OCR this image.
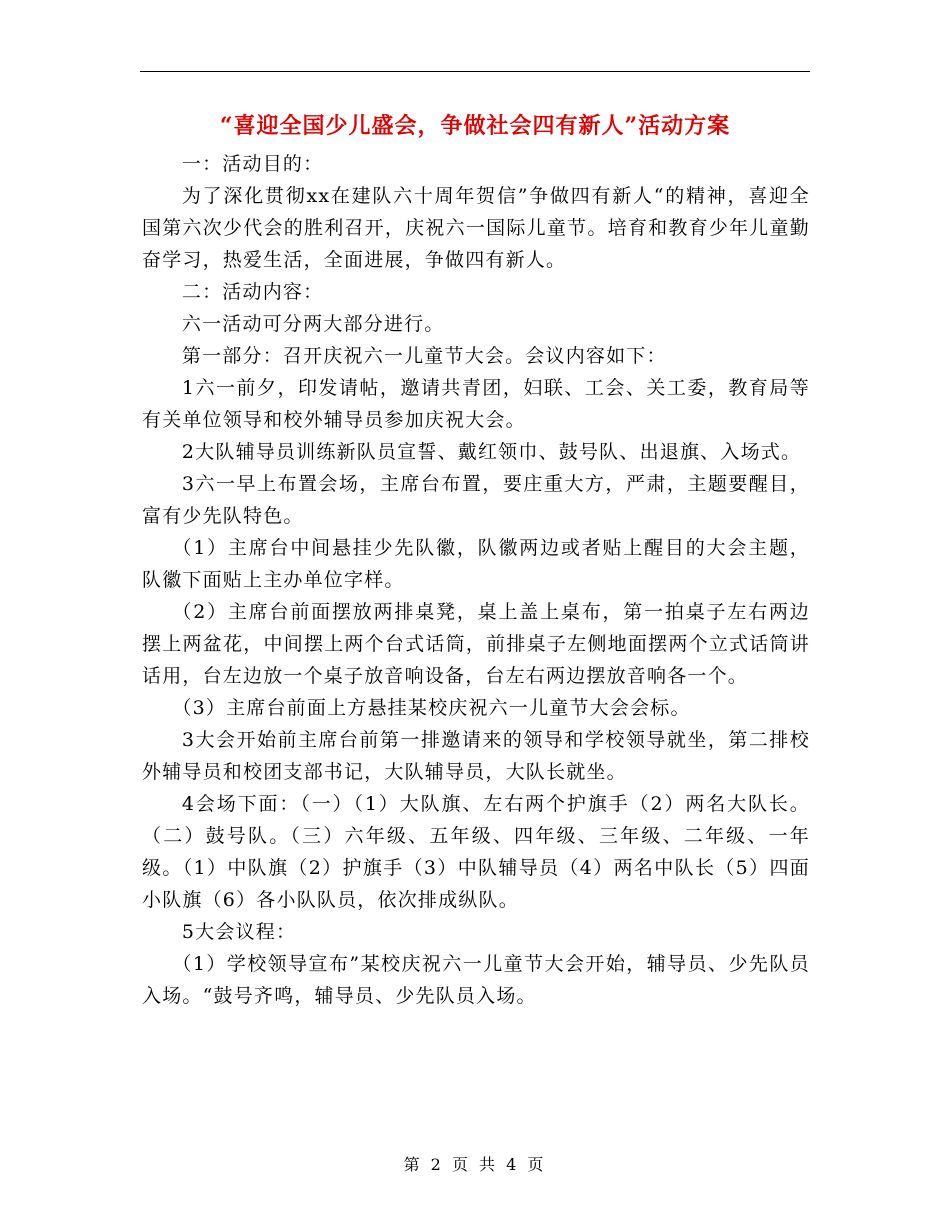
“喜迎全国少儿盛会，争做社会四有新人”活动方案

一：活动目的：

为了深化贯彻xx在建队六十周年贺信”争做四有新人“的精神，喜迎全国第六次少代会的胜利召开，庆祝六一国际儿童节。培育和教育少年儿童勤奋学习，热爱生活，全面进展，争做四有新人。

二：活动内容：

六一活动可分两大部分进行。

第一部分：召开庆祝六一儿童节大会。会议内容如下：

1六一前夕，印发请帖，邀请共青团，妇联、工会、关工委，教育局等有关单位领导和校外辅导员参加庆祝大会。

2大队辅导员训练新队员宣誓、戴红领巾、鼓号队、出退旗、入场式。

3六一早上布置会场，主席台布置，要庄重大方，严肃，主题要醒目，富有少先队特色。

（1）主席台中间悬挂少先队徽，队徽两边或者贴上醒目的大会主题，队徽下面贴上主办单位字样。

（2）主席台前面摆放两排桌凳，桌上盖上桌布，第一拍桌子左右两边摆上两盆花，中间摆上两个台式话筒，前排桌子左侧地面摆两个立式话筒讲话用，台左边放一个桌子放音响设备，台左右两边摆放音响各一个。

（3）主席台前面上方悬挂某校庆祝六一儿童节大会会标。

3大会开始前主席台前第一排邀请来的领导和学校领导就坐，第二排校外辅导员和校团支部书记，大队辅导员，大队长就坐。

4会场下面：（一）（1）大队旗、左右两个护旗手（2）两名大队长。（二）鼓号队。（三）六年级、五年级、四年级、三年级、二年级、一年级。（1）中队旗（2）护旗手（3）中队辅导员（4）两名中队长（5）四面小队旗（6）各小队队员，依次排成纵队。

5大会议程：

（1）学校领导宣布”某校庆祝六一儿童节大会开始，辅导员、少先队员入场。“鼓号齐鸣，辅导员、少先队员入场。

第 2 页 共 4 页
